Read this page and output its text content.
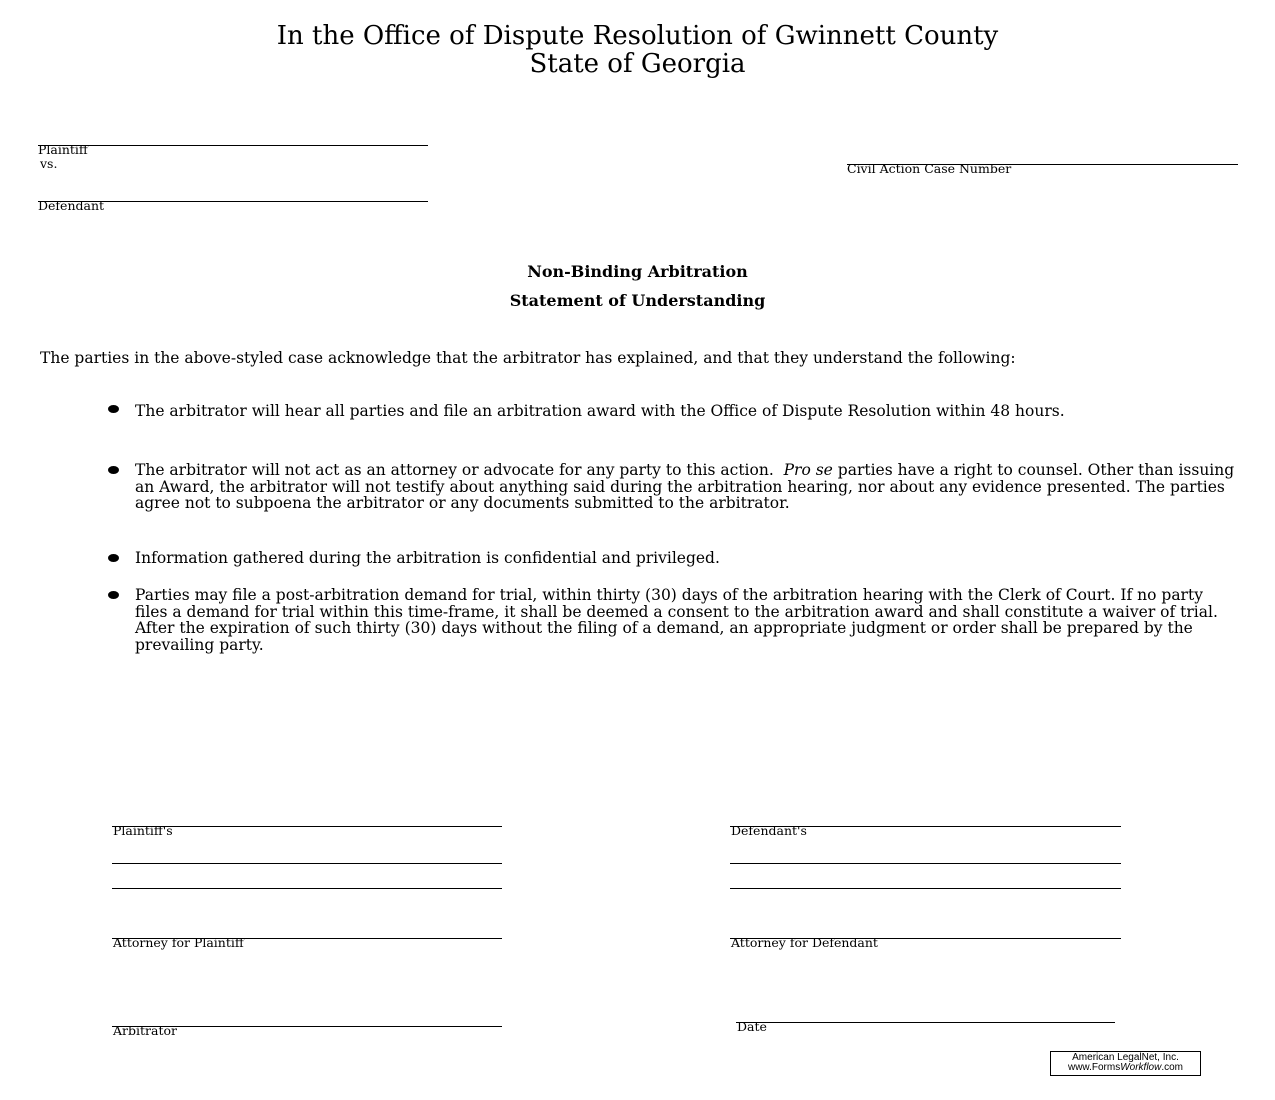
In the Office of Dispute Resolution of Gwinnett County
State of Georgia
Plaintiff
vs.
Defendant
Civil Action Case Number
Non-Binding Arbitration
Statement of Understanding
The parties in the above-styled case acknowledge that the arbitrator has explained, and that they understand the following:
The arbitrator will hear all parties and file an arbitration award with the Office of Dispute Resolution within 48 hours.
The arbitrator will not act as an attorney or advocate for any party to this action. Pro se parties have a right to counsel. Other than issuing an Award, the arbitrator will not testify about anything said during the arbitration hearing, nor about any evidence presented. The parties agree not to subpoena the arbitrator or any documents submitted to the arbitrator.
Information gathered during the arbitration is confidential and privileged.
Parties may file a post-arbitration demand for trial, within thirty (30) days of the arbitration hearing with the Clerk of Court. If no party files a demand for trial within this time-frame, it shall be deemed a consent to the arbitration award and shall constitute a waiver of trial. After the expiration of such thirty (30) days without the filing of a demand, an appropriate judgment or order shall be prepared by the prevailing party.
Plaintiff's
Attorney for Plaintiff
Arbitrator
Defendant's
Attorney for Defendant
Date
American LegalNet, Inc.
www.FormsWorkflow.com
